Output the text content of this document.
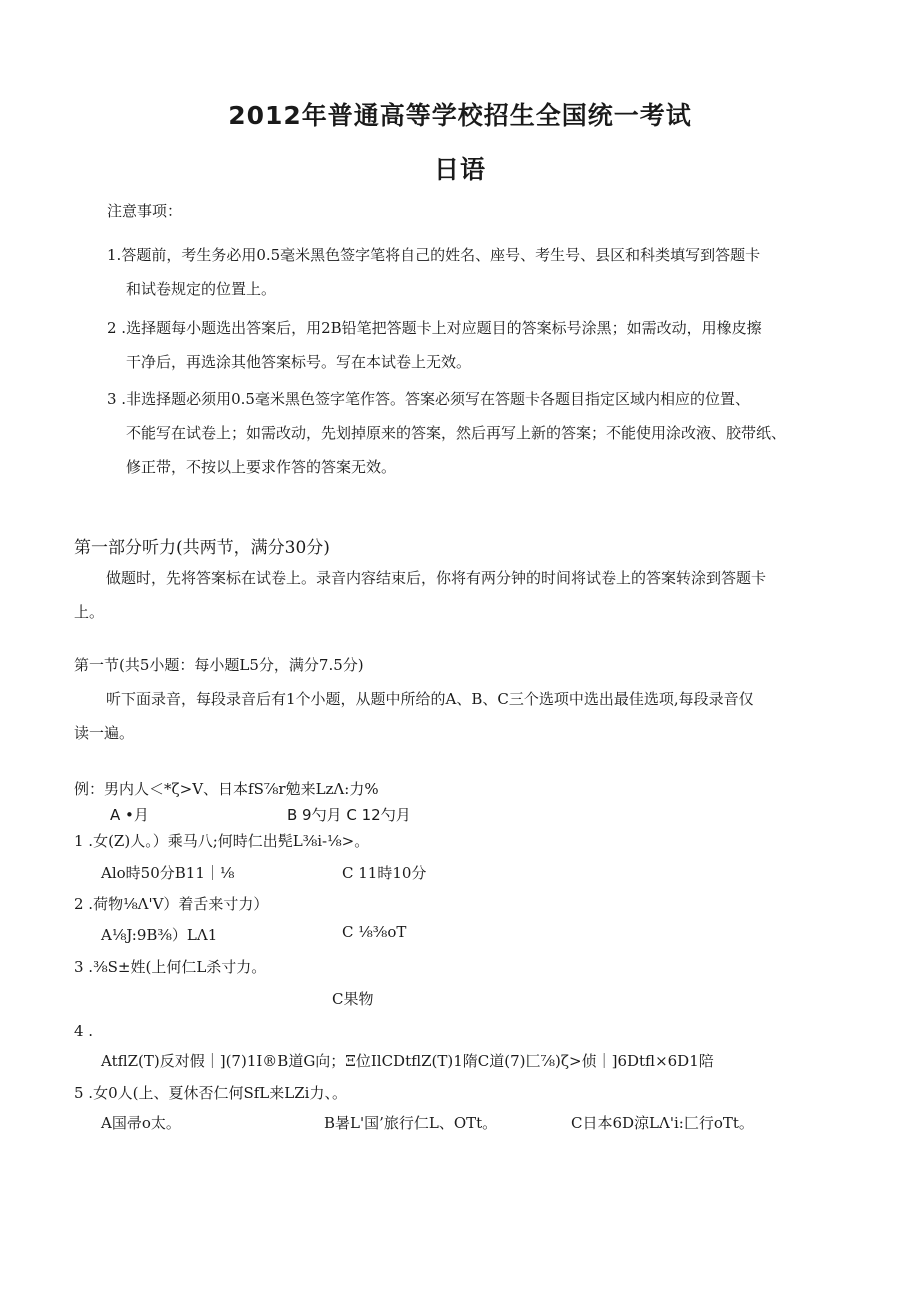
2012年普通高等学校招生全国统一考试
日语
注意事项：
1.答题前，考生务必用0.5毫米黑色签字笔将自己的姓名、座号、考生号、县区和科类填写到答题卡
和试卷规定的位置上。
2 .选择题每小题选出答案后，用2B铅笔把答题卡上对应题目的答案标号涂黑；如需改动，用橡皮擦
干净后，再选涂其他答案标号。写在本试卷上无效。
3 .非选择题必须用0.5毫米黑色签字笔作答。答案必须写在答题卡各题目指定区域内相应的位置、
不能写在试卷上；如需改动，先划掉原来的答案，然后再写上新的答案；不能使用涂改液、胶带纸、
修正带，不按以上要求作答的答案无效。
第一部分听力(共两节，满分30分)
做题时，先将答案标在试卷上。录音内容结束后，你将有两分钟的时间将试卷上的答案转涂到答题卡
上。
第一节(共5小题：每小题L5分，满分7.5分)
听下面录音，每段录音后有1个小题，从题中所给的A、B、C三个选项中选出最佳选项,每段录音仅
读一遍。
例：男内人＜*ζ>V、日本fS⅞r勉来LzΛ:力%
A •月	B 9勺月 C 12勺月
1 .女(Z)人。）乘马八;何時仁出髡L⅜i-⅛>。
Alo時50分B11｜⅛	C 11時10分
2 .荷物⅛Λ'V）着舌来寸力）
A⅛J:9B⅜）LΛ1	C ⅛⅜oT
3 .⅜S±姓(上何仁L杀寸力。
C果物
4 .
AtflZ(T)反对假｜](7)1I®B道G向；Ξ位IlCDtflZ(T)1隋C道(7)匚⅞)ζ>侦｜]6Dtfl×6D1陪
5 .女0人(上、夏休否仁何SfL来LZi力、。
A国帚o太。	B暑L'国’旅行仁L、OTt。	C日本6D涼LΛ'i:匚行oTt。
